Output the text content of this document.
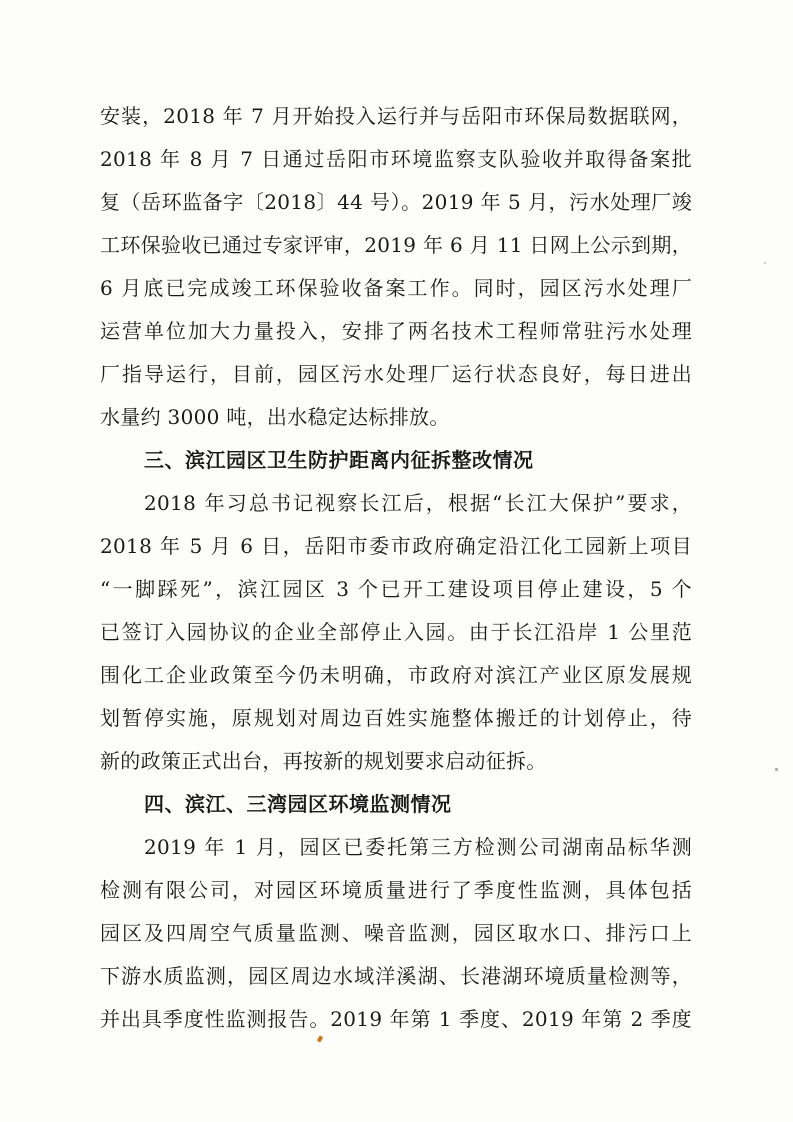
安装，2018 年 7 月开始投入运行并与岳阳市环保局数据联网，
2018 年 8 月 7 日通过岳阳市环境监察支队验收并取得备案批
复（岳环监备字〔2018〕44 号）。2019 年 5 月，污水处理厂竣
工环保验收已通过专家评审，2019 年 6 月 11 日网上公示到期，
6 月底已完成竣工环保验收备案工作。同时，园区污水处理厂
运营单位加大力量投入，安排了两名技术工程师常驻污水处理
厂指导运行，目前，园区污水处理厂运行状态良好，每日进出
水量约 3000 吨，出水稳定达标排放。
三、滨江园区卫生防护距离内征拆整改情况
2018 年习总书记视察长江后，根据“长江大保护”要求，
2018 年 5 月 6 日，岳阳市委市政府确定沿江化工园新上项目
“一脚踩死”，滨江园区 3 个已开工建设项目停止建设，5 个
已签订入园协议的企业全部停止入园。由于长江沿岸 1 公里范
围化工企业政策至今仍未明确，市政府对滨江产业区原发展规
划暂停实施，原规划对周边百姓实施整体搬迁的计划停止，待
新的政策正式出台，再按新的规划要求启动征拆。
四、滨江、三湾园区环境监测情况
2019 年 1 月，园区已委托第三方检测公司湖南品标华测
检测有限公司，对园区环境质量进行了季度性监测，具体包括
园区及四周空气质量监测、噪音监测，园区取水口、排污口上
下游水质监测，园区周边水域洋溪湖、长港湖环境质量检测等，
并出具季度性监测报告。2019 年第 1 季度、2019 年第 2 季度
